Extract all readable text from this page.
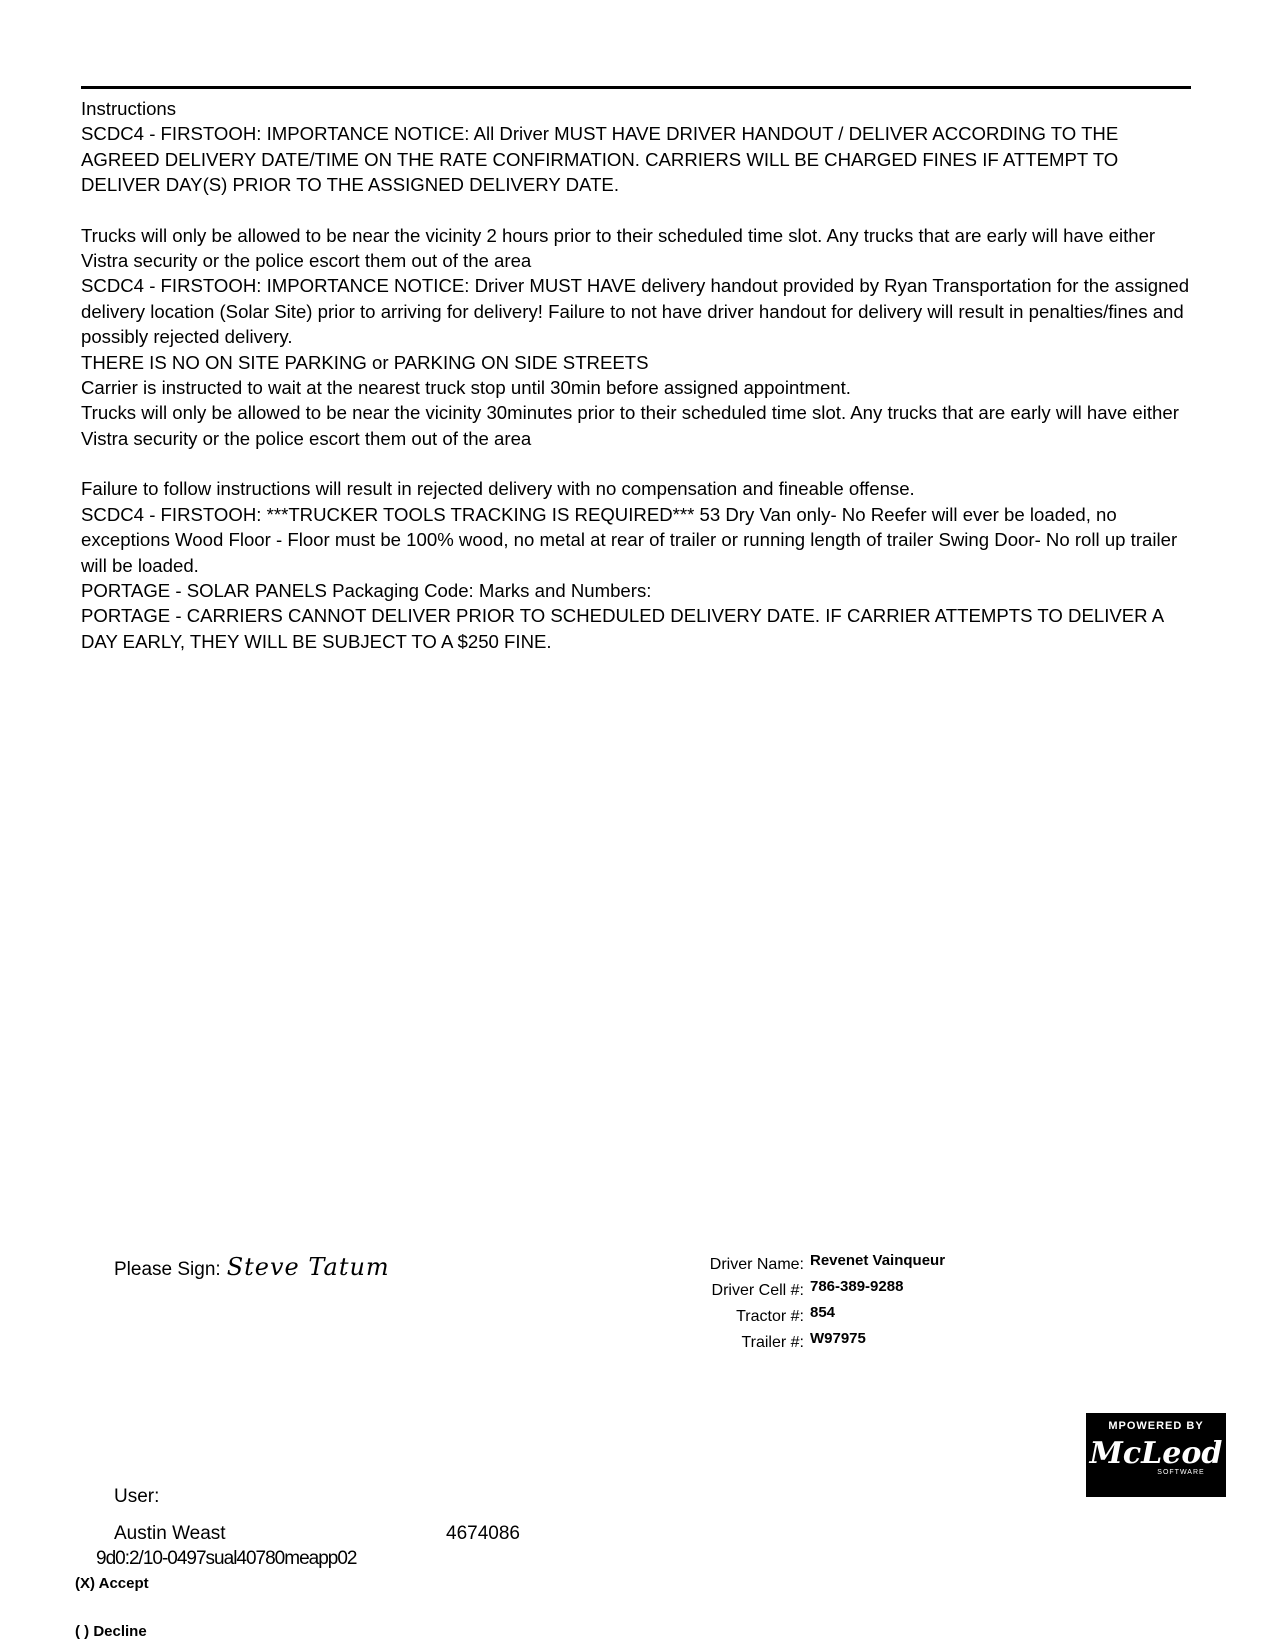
Instructions

SCDC4 - FIRSTOOH: IMPORTANCE NOTICE: All Driver MUST HAVE DRIVER HANDOUT / DELIVER ACCORDING TO THE AGREED DELIVERY DATE/TIME ON THE RATE CONFIRMATION. CARRIERS WILL BE CHARGED FINES IF ATTEMPT TO DELIVER DAY(S) PRIOR TO THE ASSIGNED DELIVERY DATE.

Trucks will only be allowed to be near the vicinity 2 hours prior to their scheduled time slot. Any trucks that are early will have either Vistra security or the police escort them out of the area

SCDC4 - FIRSTOOH: IMPORTANCE NOTICE: Driver MUST HAVE delivery handout provided by Ryan Transportation for the assigned delivery location (Solar Site) prior to arriving for delivery! Failure to not have driver handout for delivery will result in penalties/fines and possibly rejected delivery.

THERE IS NO ON SITE PARKING or PARKING ON SIDE STREETS

Carrier is instructed to wait at the nearest truck stop until 30min before assigned appointment.

Trucks will only be allowed to be near the vicinity 30minutes prior to their scheduled time slot. Any trucks that are early will have either Vistra security or the police escort them out of the area

Failure to follow instructions will result in rejected delivery with no compensation and fineable offense.

SCDC4 - FIRSTOOH: ***TRUCKER TOOLS TRACKING IS REQUIRED*** 53 Dry Van only- No Reefer will ever be loaded, no exceptions Wood Floor - Floor must be 100% wood, no metal at rear of trailer or running length of trailer Swing Door- No roll up trailer will be loaded.

PORTAGE - SOLAR PANELS Packaging Code: Marks and Numbers:

PORTAGE - CARRIERS CANNOT DELIVER PRIOR TO SCHEDULED DELIVERY DATE. IF CARRIER ATTEMPTS TO DELIVER A DAY EARLY, THEY WILL BE SUBJECT TO A $250 FINE.

Please Sign: Steve Tatum	Driver Name: Revenet Vainqueur
Driver Cell #: 786-389-9288
Tractor #: 854
Trailer #: W97975
MPOWERED BY
McLeod
SOFTWARE
User:
Austin Weast	4674086
9d0:2/10-0497sual40780meapp02
(X) Accept
( ) Decline
